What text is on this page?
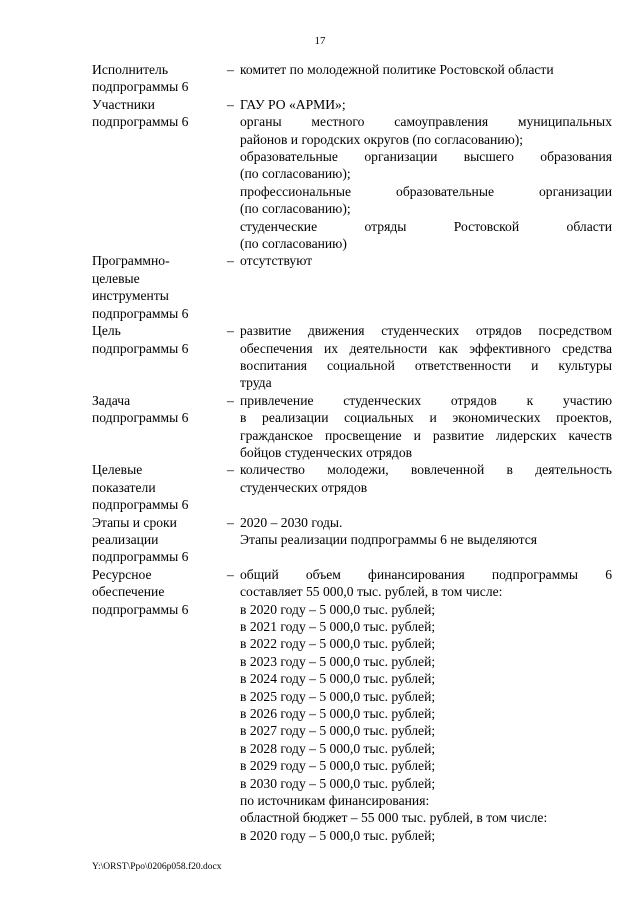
17
Исполнитель
подпрограммы 6
– комитет по молодежной политике Ростовской области
Участники
подпрограммы 6
– ГАУ РО «АРМИ»;
органы местного самоуправления муниципальных
районов и городских округов (по согласованию);
образовательные организации высшего образования
(по согласованию);
профессиональные образовательные организации
(по согласованию);
студенческие отряды Ростовской области
(по согласованию)
Программно-
целевые
инструменты
подпрограммы 6
– отсутствуют
Цель
подпрограммы 6
– развитие движения студенческих отрядов посредством
обеспечения их деятельности как эффективного средства
воспитания социальной ответственности и культуры
труда
Задача
подпрограммы 6
– привлечение студенческих отрядов к участию
в реализации социальных и экономических проектов,
гражданское просвещение и развитие лидерских качеств
бойцов студенческих отрядов
Целевые
показатели
подпрограммы 6
– количество молодежи, вовлеченной в деятельность
студенческих отрядов
Этапы и сроки
реализации
подпрограммы 6
– 2020 – 2030 годы.
Этапы реализации подпрограммы 6 не выделяются
Ресурсное
обеспечение
подпрограммы 6
– общий объем финансирования подпрограммы 6
составляет 55 000,0 тыс. рублей, в том числе:
в 2020 году – 5 000,0 тыс. рублей;
в 2021 году – 5 000,0 тыс. рублей;
в 2022 году – 5 000,0 тыс. рублей;
в 2023 году – 5 000,0 тыс. рублей;
в 2024 году – 5 000,0 тыс. рублей;
в 2025 году – 5 000,0 тыс. рублей;
в 2026 году – 5 000,0 тыс. рублей;
в 2027 году – 5 000,0 тыс. рублей;
в 2028 году – 5 000,0 тыс. рублей;
в 2029 году – 5 000,0 тыс. рублей;
в 2030 году – 5 000,0 тыс. рублей;
по источникам финансирования:
областной бюджет – 55 000 тыс. рублей, в том числе:
в 2020 году – 5 000,0 тыс. рублей;
Y:\ORST\Ppo\0206p058.f20.docx
